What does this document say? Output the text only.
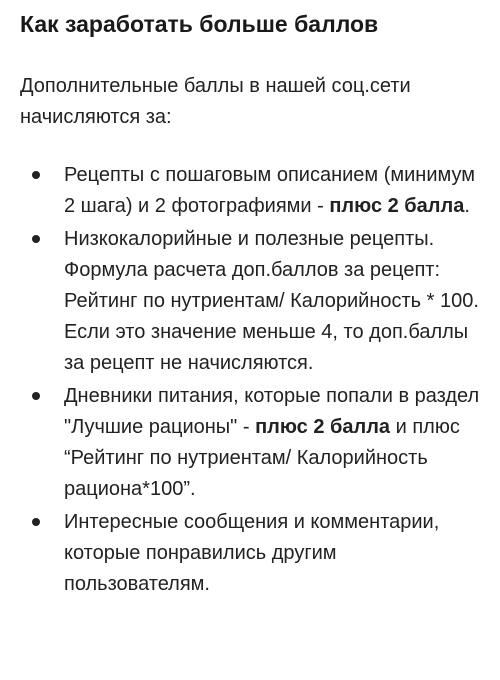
Как заработать больше баллов

Дополнительные баллы в нашей соц.сети начисляются за:

Рецепты с пошаговым описанием (минимум 2 шага) и 2 фотографиями - плюс 2 балла.
Низкокалорийные и полезные рецепты. Формула расчета доп.баллов за рецепт: Рейтинг по нутриентам/ Калорийность * 100. Если это значение меньше 4, то доп.баллы за рецепт не начисляются.
Дневники питания, которые попали в раздел "Лучшие рационы" - плюс 2 балла и плюс “Рейтинг по нутриентам/ Калорийность рациона*100”.
Интересные сообщения и комментарии, которые понравились другим пользователям.
